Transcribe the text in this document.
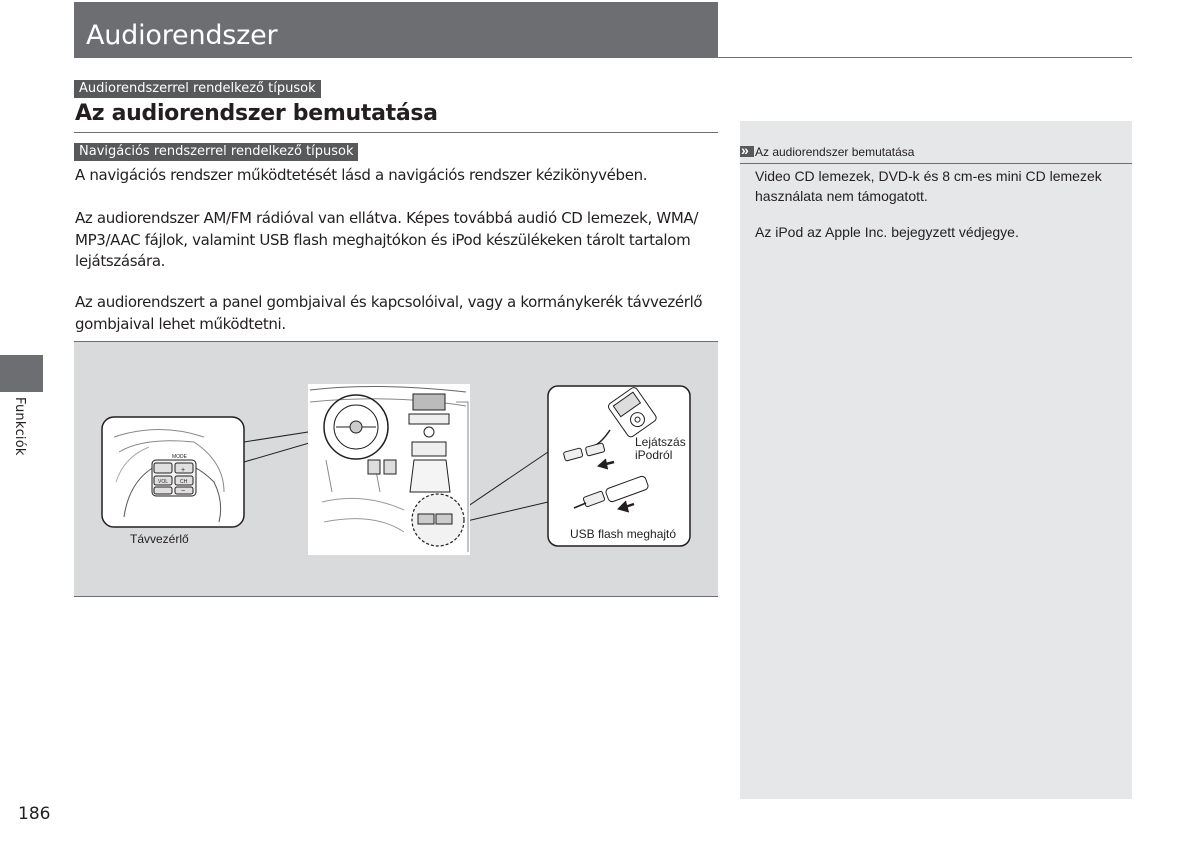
Audiorendszer
Audiorendszerrel rendelkező típusok
Az audiorendszer bemutatása
Navigációs rendszerrel rendelkező típusok

A navigációs rendszer működtetését lásd a navigációs rendszer kézikönyvében.

Az audiorendszer AM/FM rádióval van ellátva. Képes továbbá audió CD lemezek, WMA/ MP3/AAC fájlok, valamint USB flash meghajtókon és iPod készülékeken tárolt tartalom lejátszására.

Az audiorendszert a panel gombjaival és kapcsolóival, vagy a kormánykerék távvezérlő gombjaival lehet működtetni.

MODE
VOL CH
+
−
Távvezérlő
Lejátszás
iPodról
USB flash meghajtó
Funkciók
186
»Az audiorendszer bemutatása

Video CD lemezek, DVD-k és 8 cm-es mini CD lemezek használata nem támogatott.

Az iPod az Apple Inc. bejegyzett védjegye.
